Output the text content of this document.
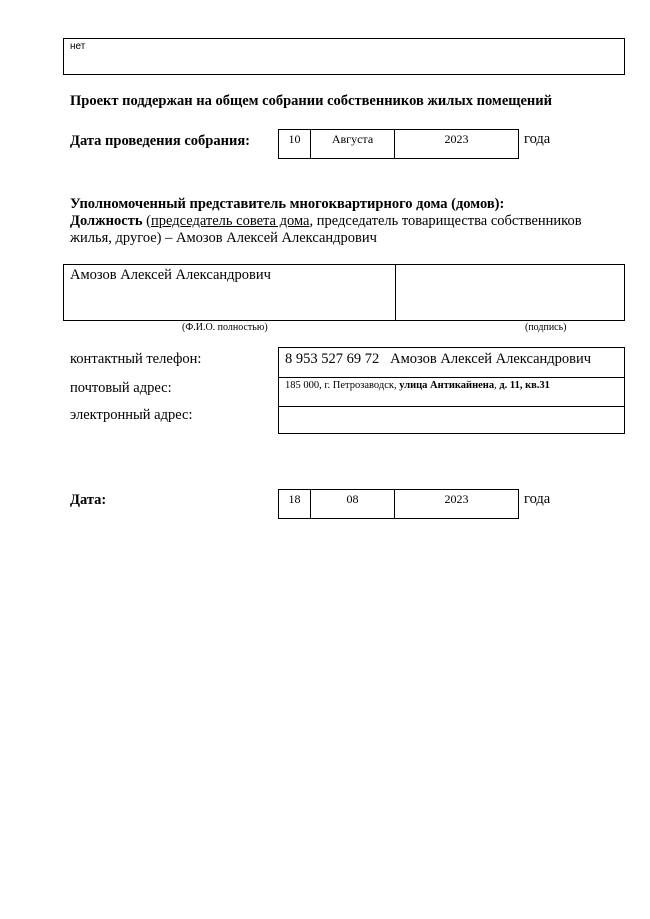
нет
Проект поддержан на общем собрании собственников жилых помещений
Дата проведения собрания:	10	Августа	2023	года
Уполномоченный представитель многоквартирного дома (домов):
Должность (председатель совета дома, председатель товарищества собственников
жилья, другое) – Амозов Алексей Александрович
Амозов Алексей Александрович
(Ф.И.О. полностью)	(подпись)
контактный телефон:	8 953 527 69 72   Амозов Алексей Александрович
почтовый адрес:	185 000, г. Петрозаводск, улица Антикайнена, д. 11, кв.31
электронный адрес:
Дата:	18	08	2023	года
